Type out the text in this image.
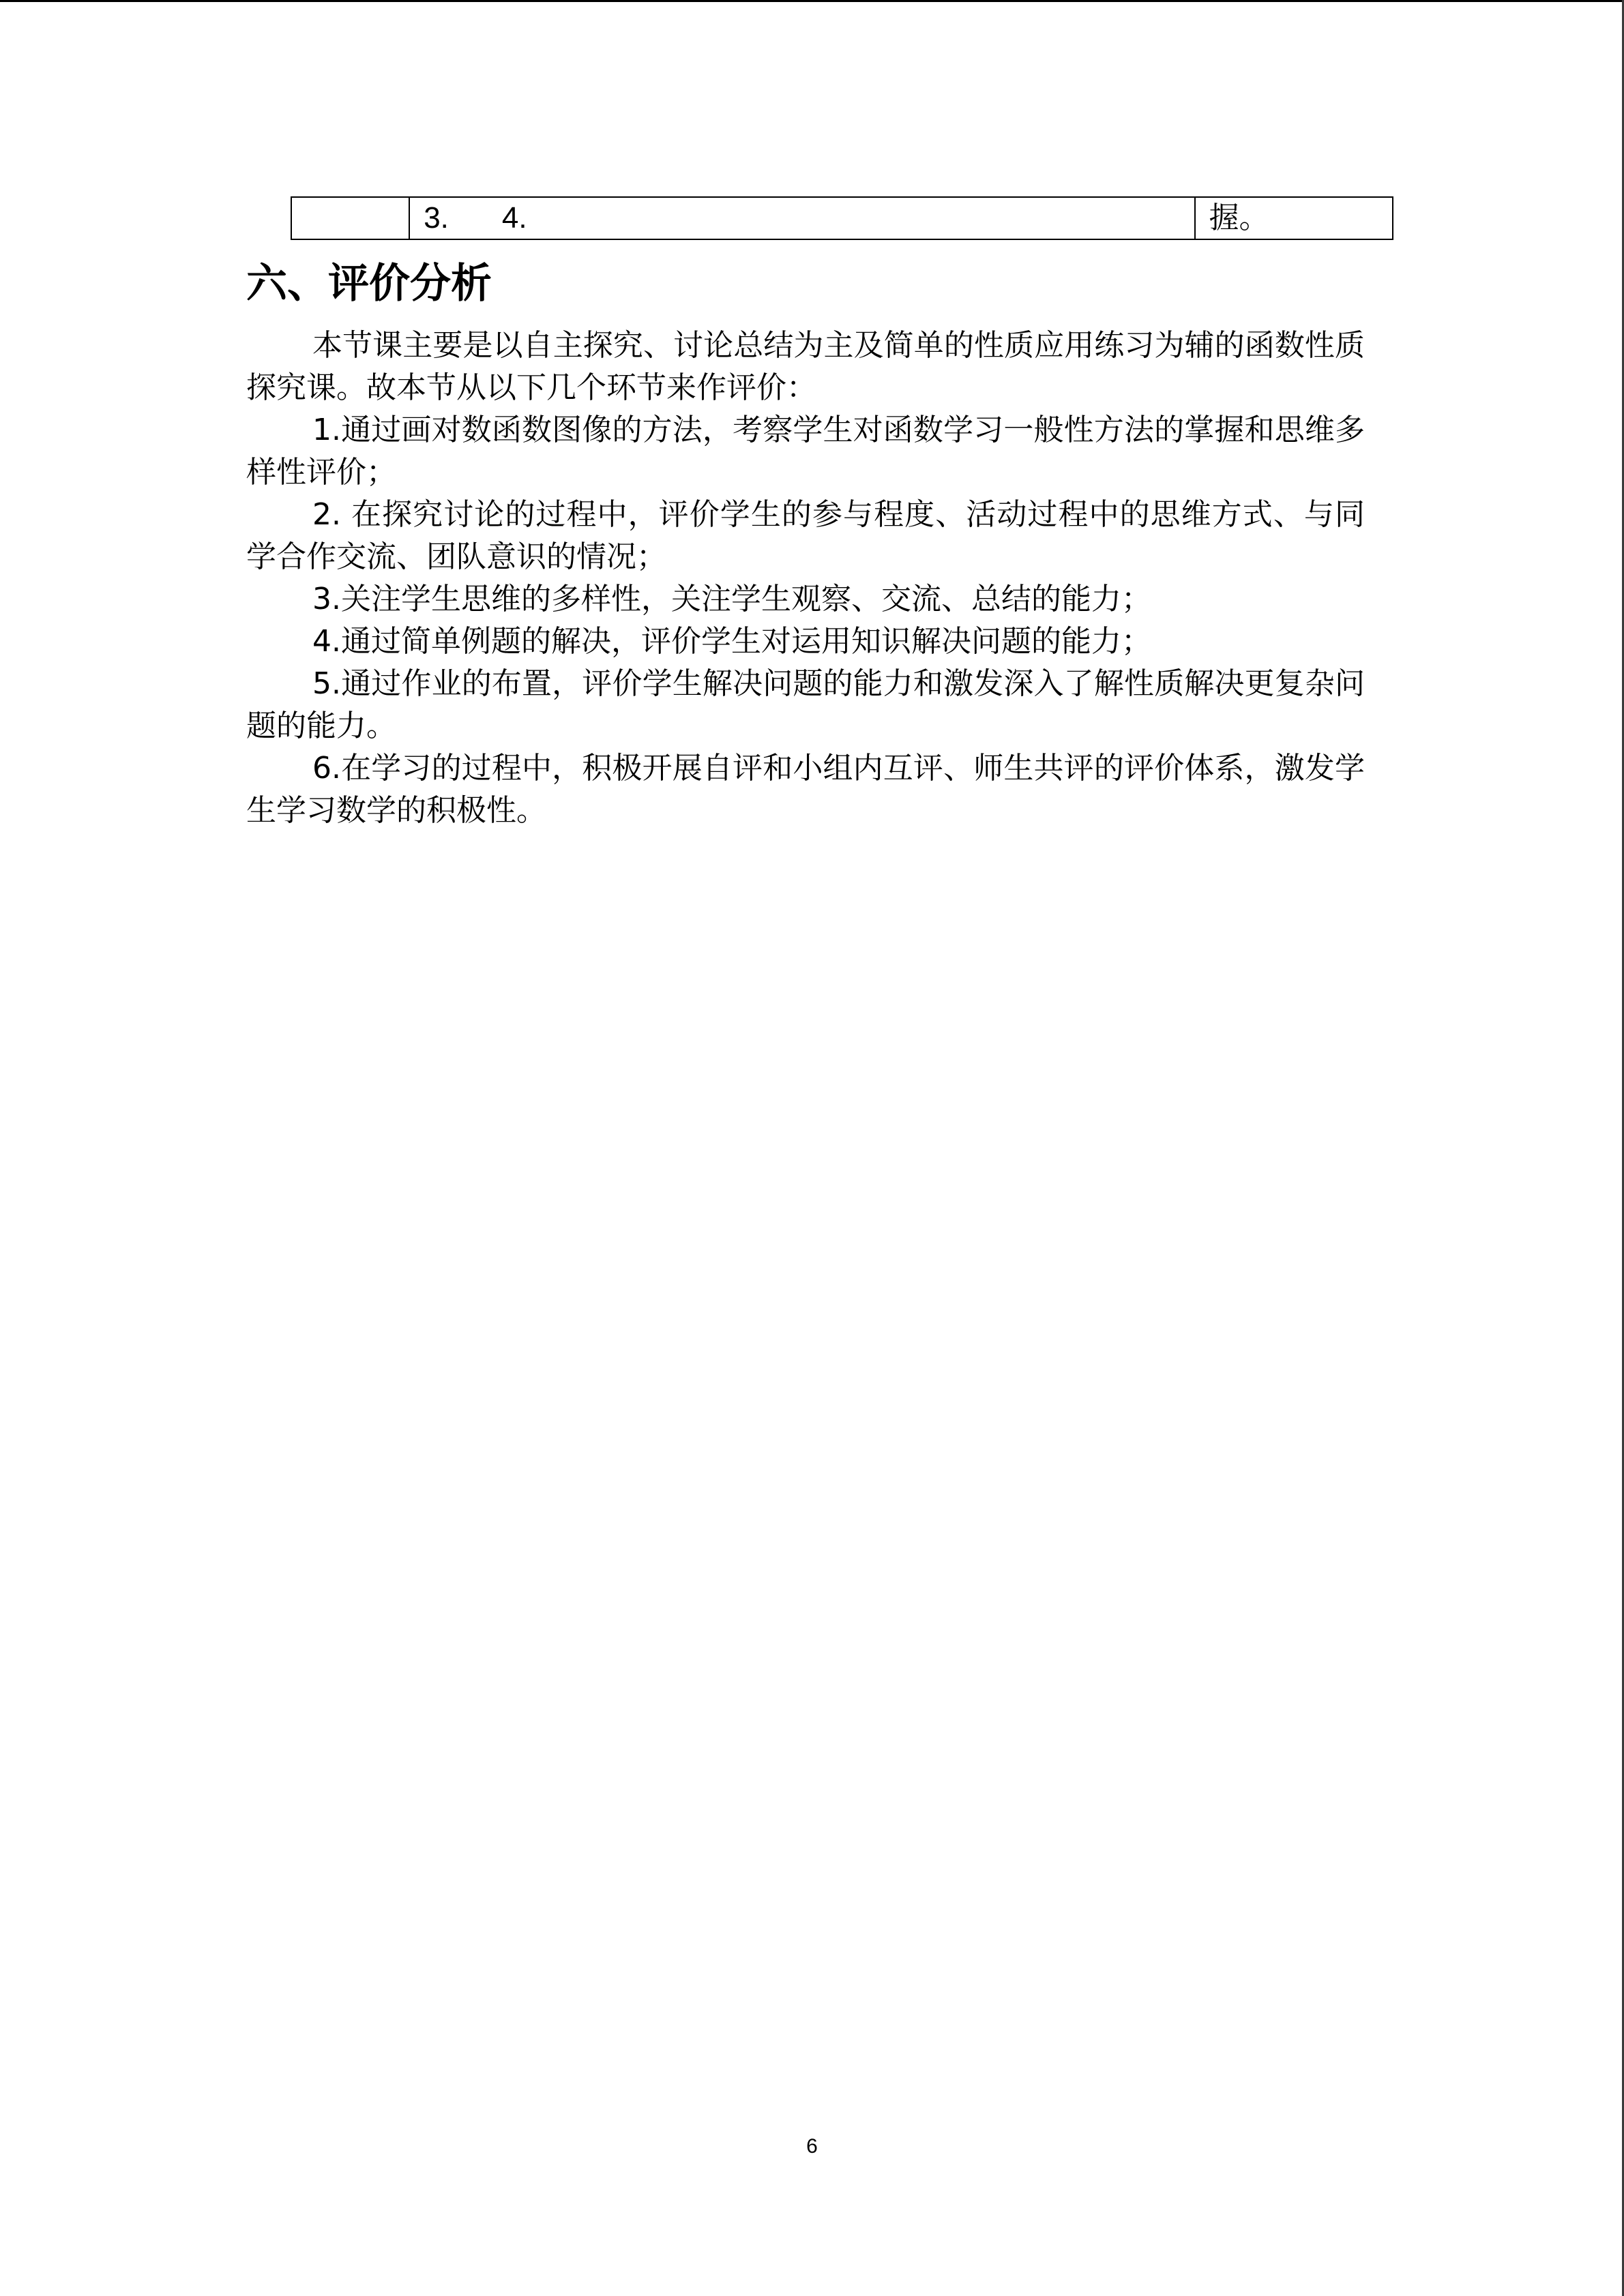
	3. 4.	握。
六、评价分析

本节课主要是以自主探究、讨论总结为主及简单的性质应用练习为辅的函数性质探究课。故本节从以下几个环节来作评价：

1.通过画对数函数图像的方法，考察学生对函数学习一般性方法的掌握和思维多样性评价；

2. 在探究讨论的过程中，评价学生的参与程度、活动过程中的思维方式、与同学合作交流、团队意识的情况；

3.关注学生思维的多样性，关注学生观察、交流、总结的能力；

4.通过简单例题的解决，评价学生对运用知识解决问题的能力；

5.通过作业的布置，评价学生解决问题的能力和激发深入了解性质解决更复杂问题的能力。

6.在学习的过程中，积极开展自评和小组内互评、师生共评的评价体系，激发学生学习数学的积极性。

6
